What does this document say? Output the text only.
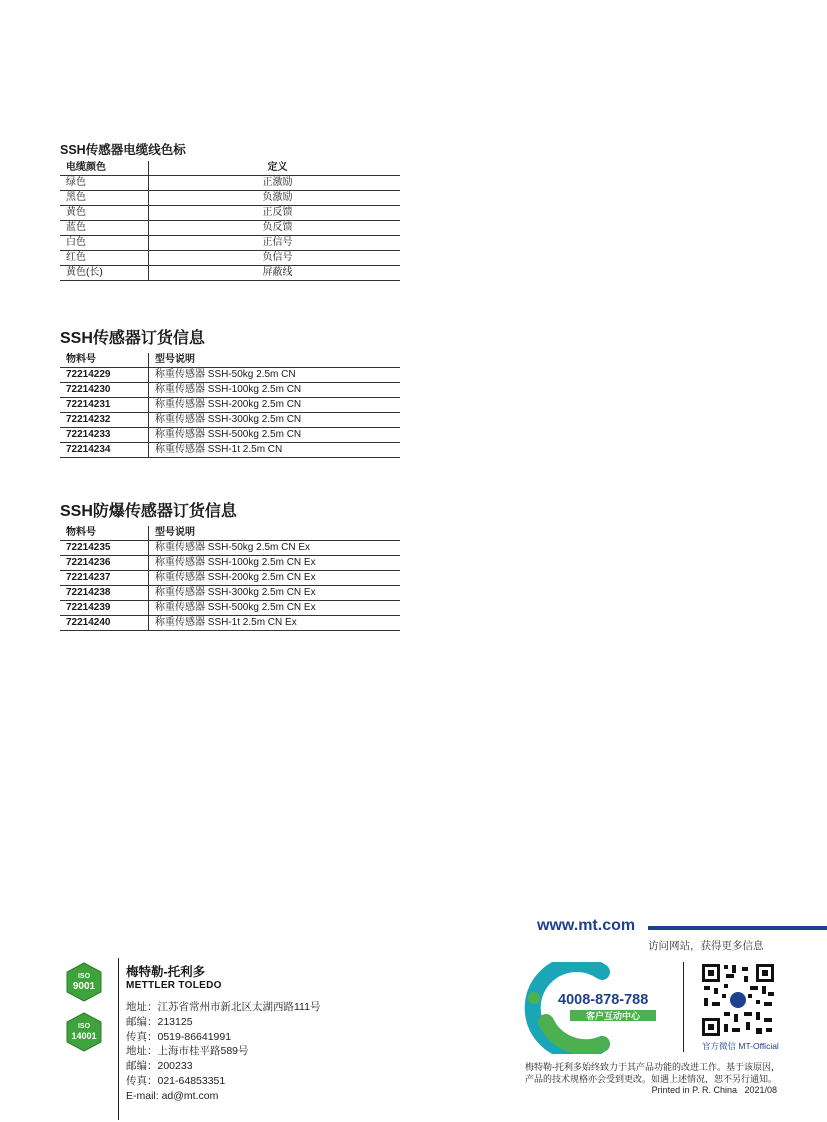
SSH传感器电缆线色标
电缆颜色	定义
绿色	正激励
黑色	负激励
黄色	正反馈
蓝色	负反馈
白色	正信号
红色	负信号
黄色(长)	屏蔽线
SSH传感器订货信息
物料号	型号说明
72214229	称重传感器 SSH-50kg 2.5m CN
72214230	称重传感器 SSH-100kg 2.5m CN
72214231	称重传感器 SSH-200kg 2.5m CN
72214232	称重传感器 SSH-300kg 2.5m CN
72214233	称重传感器 SSH-500kg 2.5m CN
72214234	称重传感器 SSH-1t 2.5m CN
SSH防爆传感器订货信息
物料号	型号说明
72214235	称重传感器 SSH-50kg 2.5m CN Ex
72214236	称重传感器 SSH-100kg 2.5m CN Ex
72214237	称重传感器 SSH-200kg 2.5m CN Ex
72214238	称重传感器 SSH-300kg 2.5m CN Ex
72214239	称重传感器 SSH-500kg 2.5m CN Ex
72214240	称重传感器 SSH-1t 2.5m CN Ex
ISO
9001
ISO
14001
梅特勒-托利多
METTLER TOLEDO
地址：江苏省常州市新北区太湖西路111号
邮编：213125
传真：0519-86641991
地址：上海市桂平路589号
邮编：200233
传真：021-64853351
E-mail: ad@mt.com
www.mt.com
访问网站，获得更多信息
4008-878-788
客户互动中心
官方微信 MT-Official
梅特勒-托利多始终致力于其产品功能的改进工作。基于该原因，
产品的技术规格亦会受到更改。如遇上述情况，恕不另行通知。
Printed in P. R. China   2021/08
